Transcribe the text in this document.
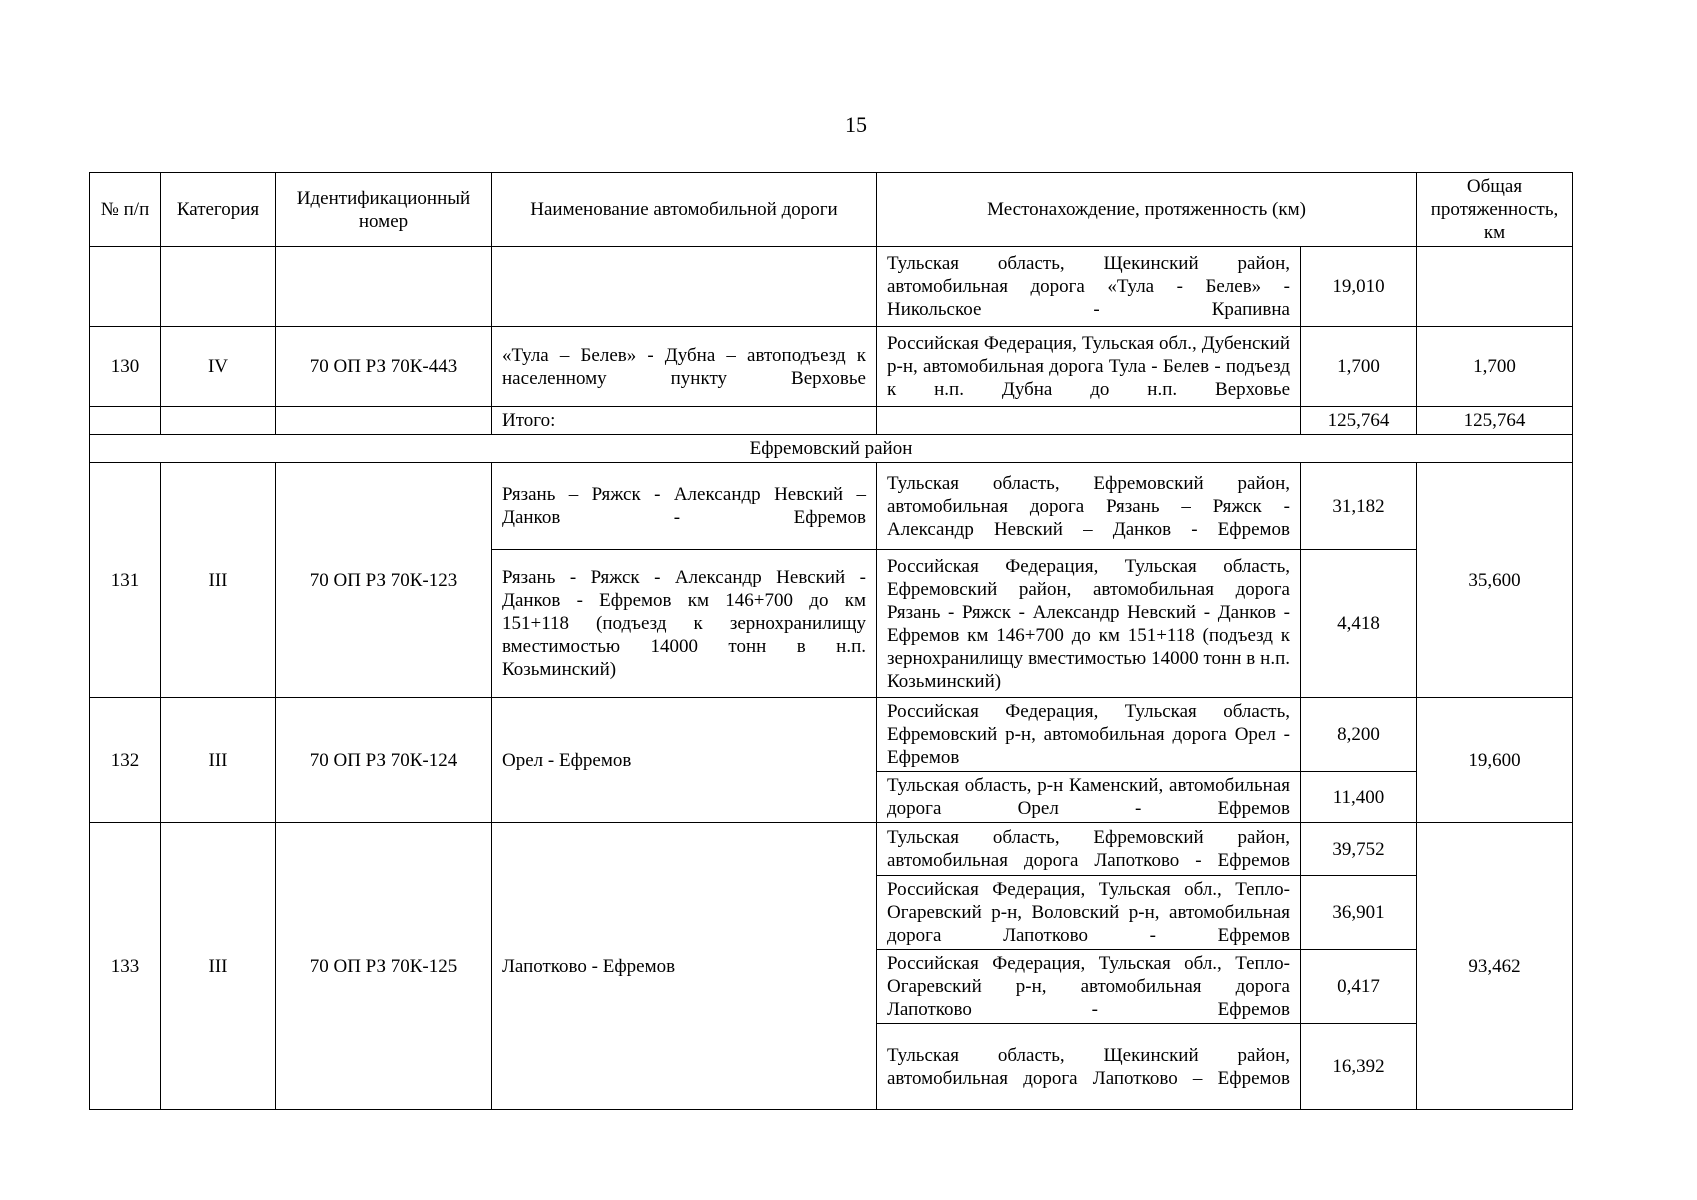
15
№ п/п	Категория	Идентификационный номер	Наименование автомобильной дороги	Местонахождение, протяженность (км)		Общая протяженность, км
				Тульская область, Щекинский район, автомобильная дорога «Тула - Белев» - Никольское - Крапивна	19,010	
130	IV	70 ОП РЗ 70К-443	«Тула – Белев» - Дубна – автоподъезд к населенному пункту Верховье	Российская Федерация, Тульская обл., Дубенский р-н, автомобильная дорога Тула - Белев - подъезд к н.п. Дубна до н.п. Верховье	1,700	1,700
			Итого:		125,764	125,764
Ефремовский район						
131	III	70 ОП РЗ 70К-123	Рязань – Ряжск - Александр Невский – Данков - Ефремов	Тульская область, Ефремовский район, автомобильная дорога Рязань – Ряжск - Александр Невский – Данков - Ефремов	31,182	35,600
			Рязань - Ряжск - Александр Невский - Данков - Ефремов км 146+700 до км 151+118 (подъезд к зернохранилищу вместимостью 14000 тонн в н.п. Козьминский)	Российская Федерация, Тульская область, Ефремовский район, автомобильная дорога Рязань - Ряжск - Александр Невский - Данков - Ефремов км 146+700 до км 151+118 (подъезд к зернохранилищу вместимостью 14000 тонн в н.п. Козьминский)	4,418	
132	III	70 ОП РЗ 70К-124	Орел - Ефремов	Российская Федерация, Тульская область, Ефремовский р-н, автомобильная дорога Орел - Ефремов	8,200	19,600
				Тульская область, р-н Каменский, автомобильная дорога Орел - Ефремов	11,400	
133	III	70 ОП РЗ 70К-125	Лапотково - Ефремов	Тульская область, Ефремовский район, автомобильная дорога Лапотково - Ефремов	39,752	93,462
				Российская Федерация, Тульская обл., Тепло-Огаревский р-н, Воловский р-н, автомобильная дорога Лапотково - Ефремов	36,901	
				Российская Федерация, Тульская обл., Тепло-Огаревский р-н, автомобильная дорога Лапотково - Ефремов	0,417	
				Тульская область, Щекинский район, автомобильная дорога Лапотково – Ефремов	16,392	
